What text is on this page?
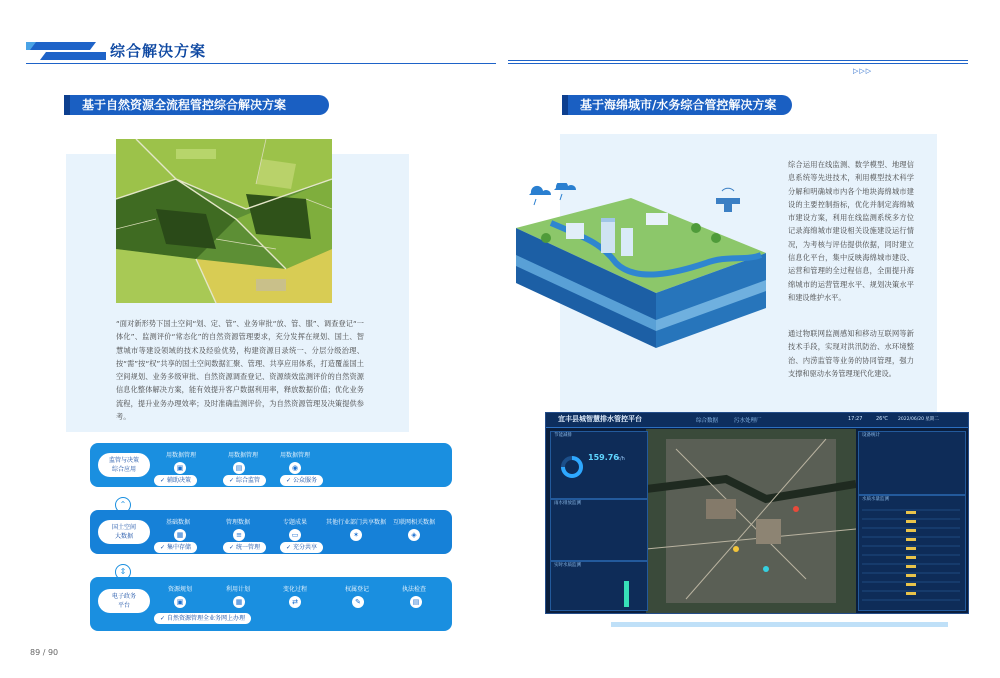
综合解决方案
▷▷▷
基于自然资源全流程管控综合解决方案
“面对新形势下国土空间“划、定、管”、业务审批“放、管、服”、调查登记“一体化”、监测评价“常态化”的自然资源管理要求，充分发挥在规划、国土、智慧城市等建设领域的技术及经验优势，构建资源目录统一、分层分级治理、按“需”按“权”共享的国土空间数据汇聚、管理、共享应用体系，打造覆盖国土空间规划、业务多级审批、自然资源调查登记、资源绩效监测评价的自然资源信息化整体解决方案，能有效提升客户数据利用率，释放数据价值；优化业务流程，提升业务办理效率；及时准确监测评价，为自然资源管理及决策提供参考。
监管与决策
综合应用
用数据管理	用数据管理	用数据管理
▣	▤	◉
✓ 辅助决策	✓ 综合监管	✓ 公众服务
⌃
国土空间
大数据
基础数据	管理数据	专题成果	其他行业部门共享数据 互联网相关数据
▦	≡	▭	✶	◈
✓ 集中存储	✓ 统一管理	✓ 充分共享
⇕
电子政务
平台
资源规划	利用计划	变化过程	权属登记	执法检查
▣	▦	⇄	✎	▤
✓ 自然资源管理全业务网上办理
89 / 90
基于海绵城市/水务综合管控解决方案
综合运用在线监测、数学模型、地理信息系统等先进技术，利用模型技术科学分解和明确城市内各个地块海绵城市建设的主要控制指标，优化并制定海绵城市建设方案，利用在线监测系统多方位记录海绵城市建设相关设施建设运行情况，为考核与评估提供依据，同时建立信息化平台，集中反映海绵城市建设、运营和管理的全过程信息，全面提升海绵城市的运营管理水平、规划决策水平和建设维护水平。
通过物联网监测感知和移动互联网等新技术手段，实现对洪汛防治、水环境整治、内涝监管等业务的协同管理，强力支撑和驱动水务管理现代化建设。
宜丰县城智慧排水管控平台	综合数据	污水处理厂	17:27	26℃ 2022/06/20 星期二
节能减排
159.76 t/h
雨水排放监测
实时水质监测
设备统计
水质水量监测
